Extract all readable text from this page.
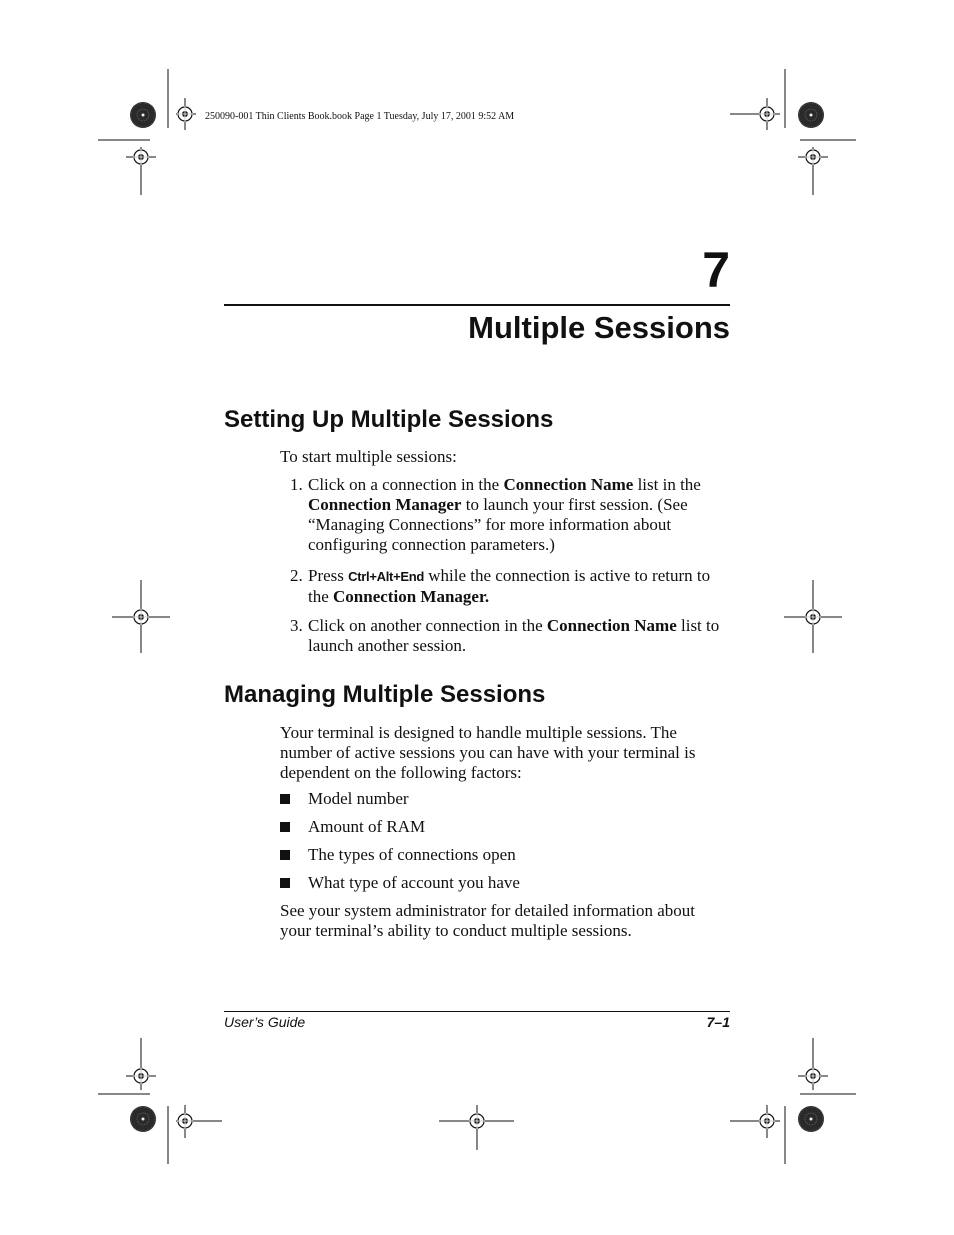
250090-001 Thin Clients Book.book Page 1 Tuesday, July 17, 2001 9:52 AM
7
Multiple Sessions
Setting Up Multiple Sessions
To start multiple sessions:
1. Click on a connection in the Connection Name list in the Connection Manager to launch your first session. (See “Managing Connections” for more information about configuring connection parameters.)
2. Press Ctrl+Alt+End while the connection is active to return to the Connection Manager.
3. Click on another connection in the Connection Name list to launch another session.
Managing Multiple Sessions
Your terminal is designed to handle multiple sessions. The number of active sessions you can have with your terminal is dependent on the following factors:
Model number
Amount of RAM
The types of connections open
What type of account you have
See your system administrator for detailed information about your terminal’s ability to conduct multiple sessions.
User’s Guide	7–1
